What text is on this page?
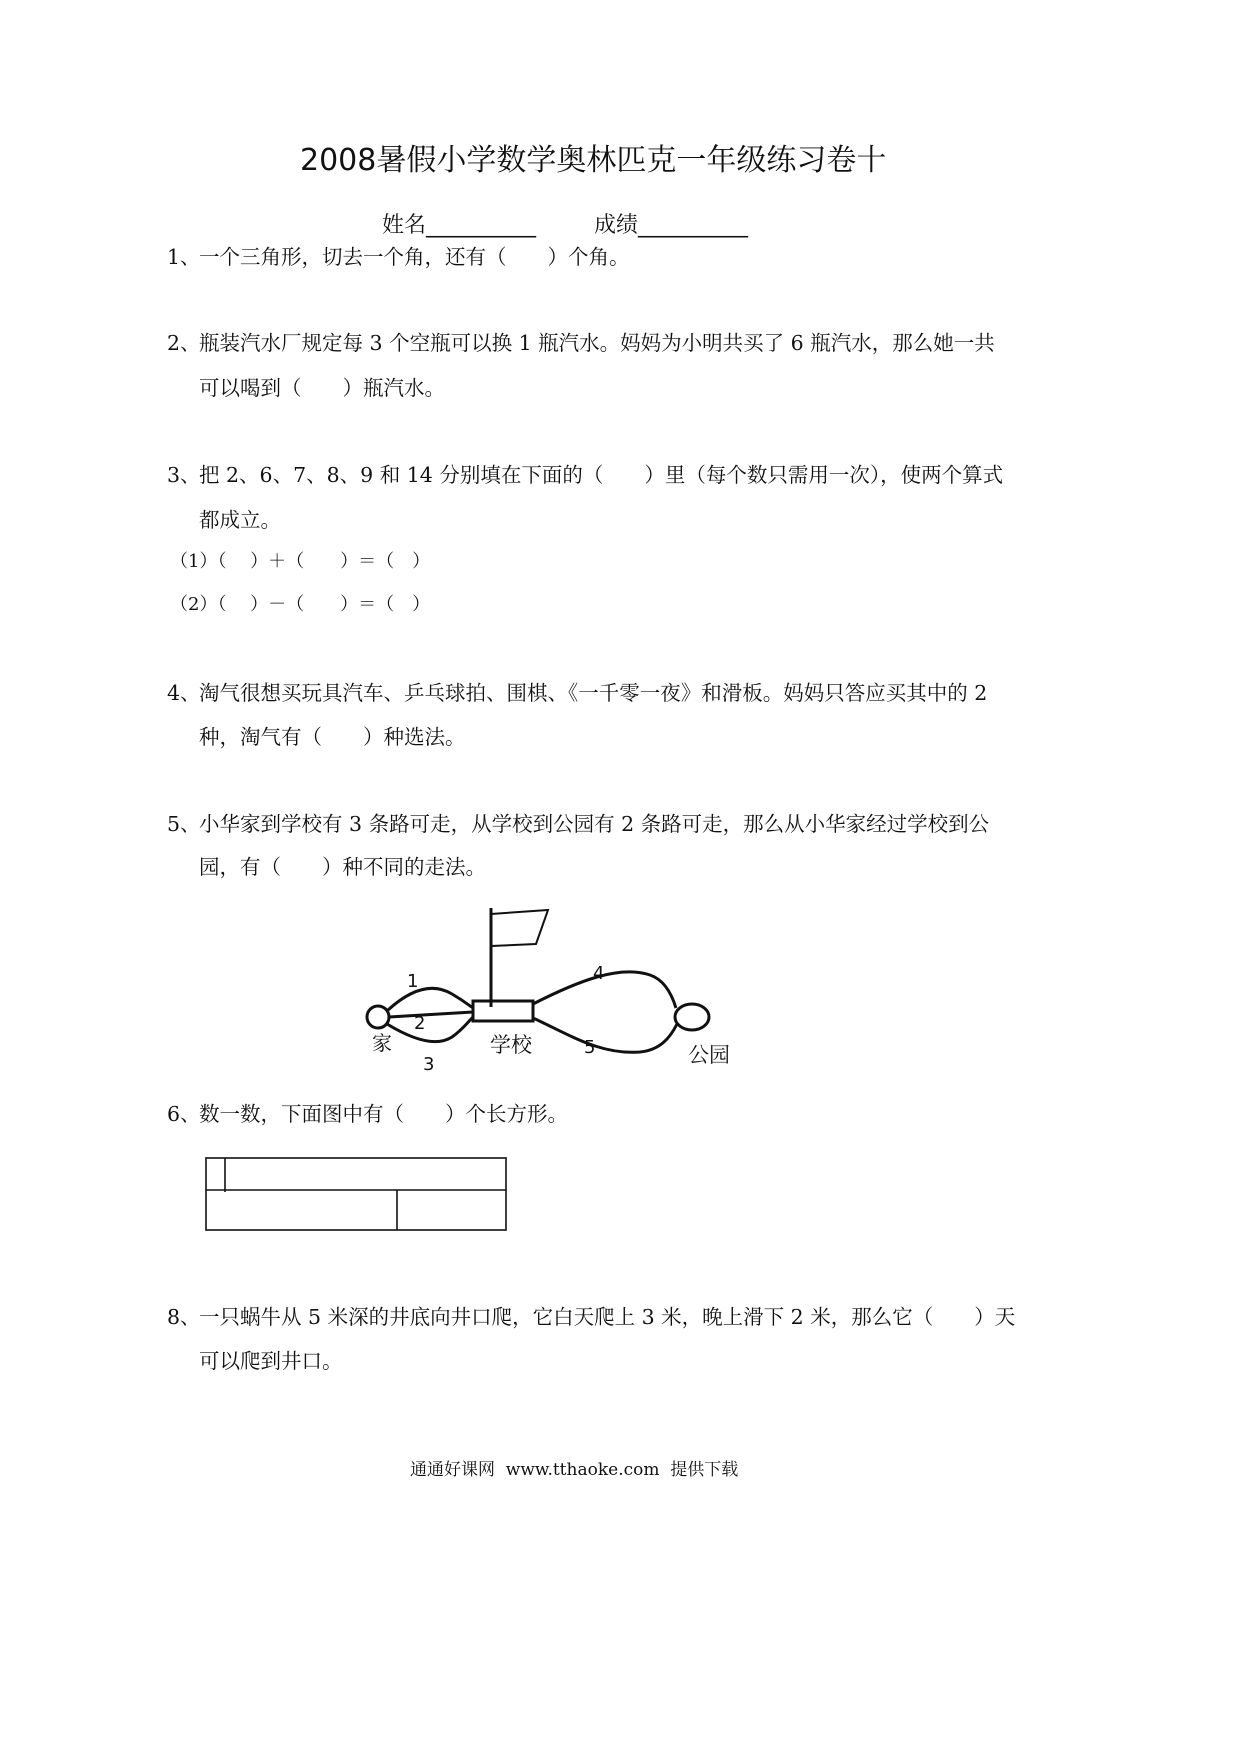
2008暑假小学数学奥林匹克一年级练习卷十
姓名__________	成绩__________
1、
一个三角形，切去一个角，还有（　　）个角。
2、
瓶装汽水厂规定每 3 个空瓶可以换 1 瓶汽水。妈妈为小明共买了 6 瓶汽水，那么她一共
可以喝到（　　）瓶汽水。
3、
把 2、6、7、8、9 和 14 分别填在下面的（　　）里（每个数只需用一次），使两个算式
都成立。
（1）（　 ）＋（　　）＝（　）
（2）（　 ）－（　　）＝（　）
4、
淘气很想买玩具汽车、乒乓球拍、围棋、《一千零一夜》和滑板。妈妈只答应买其中的 2
种，淘气有（　　）种选法。
5、
小华家到学校有 3 条路可走，从学校到公园有 2 条路可走，那么从小华家经过学校到公
园，有（　　）种不同的走法。
1
2
3
4
5
家	学校	公园
6、
数一数，下面图中有（　　）个长方形。
8、
一只蜗牛从 5 米深的井底向井口爬，它白天爬上 3 米，晚上滑下 2 米，那么它（　　）天
可以爬到井口。
通通好课网  www.tthaoke.com  提供下载
